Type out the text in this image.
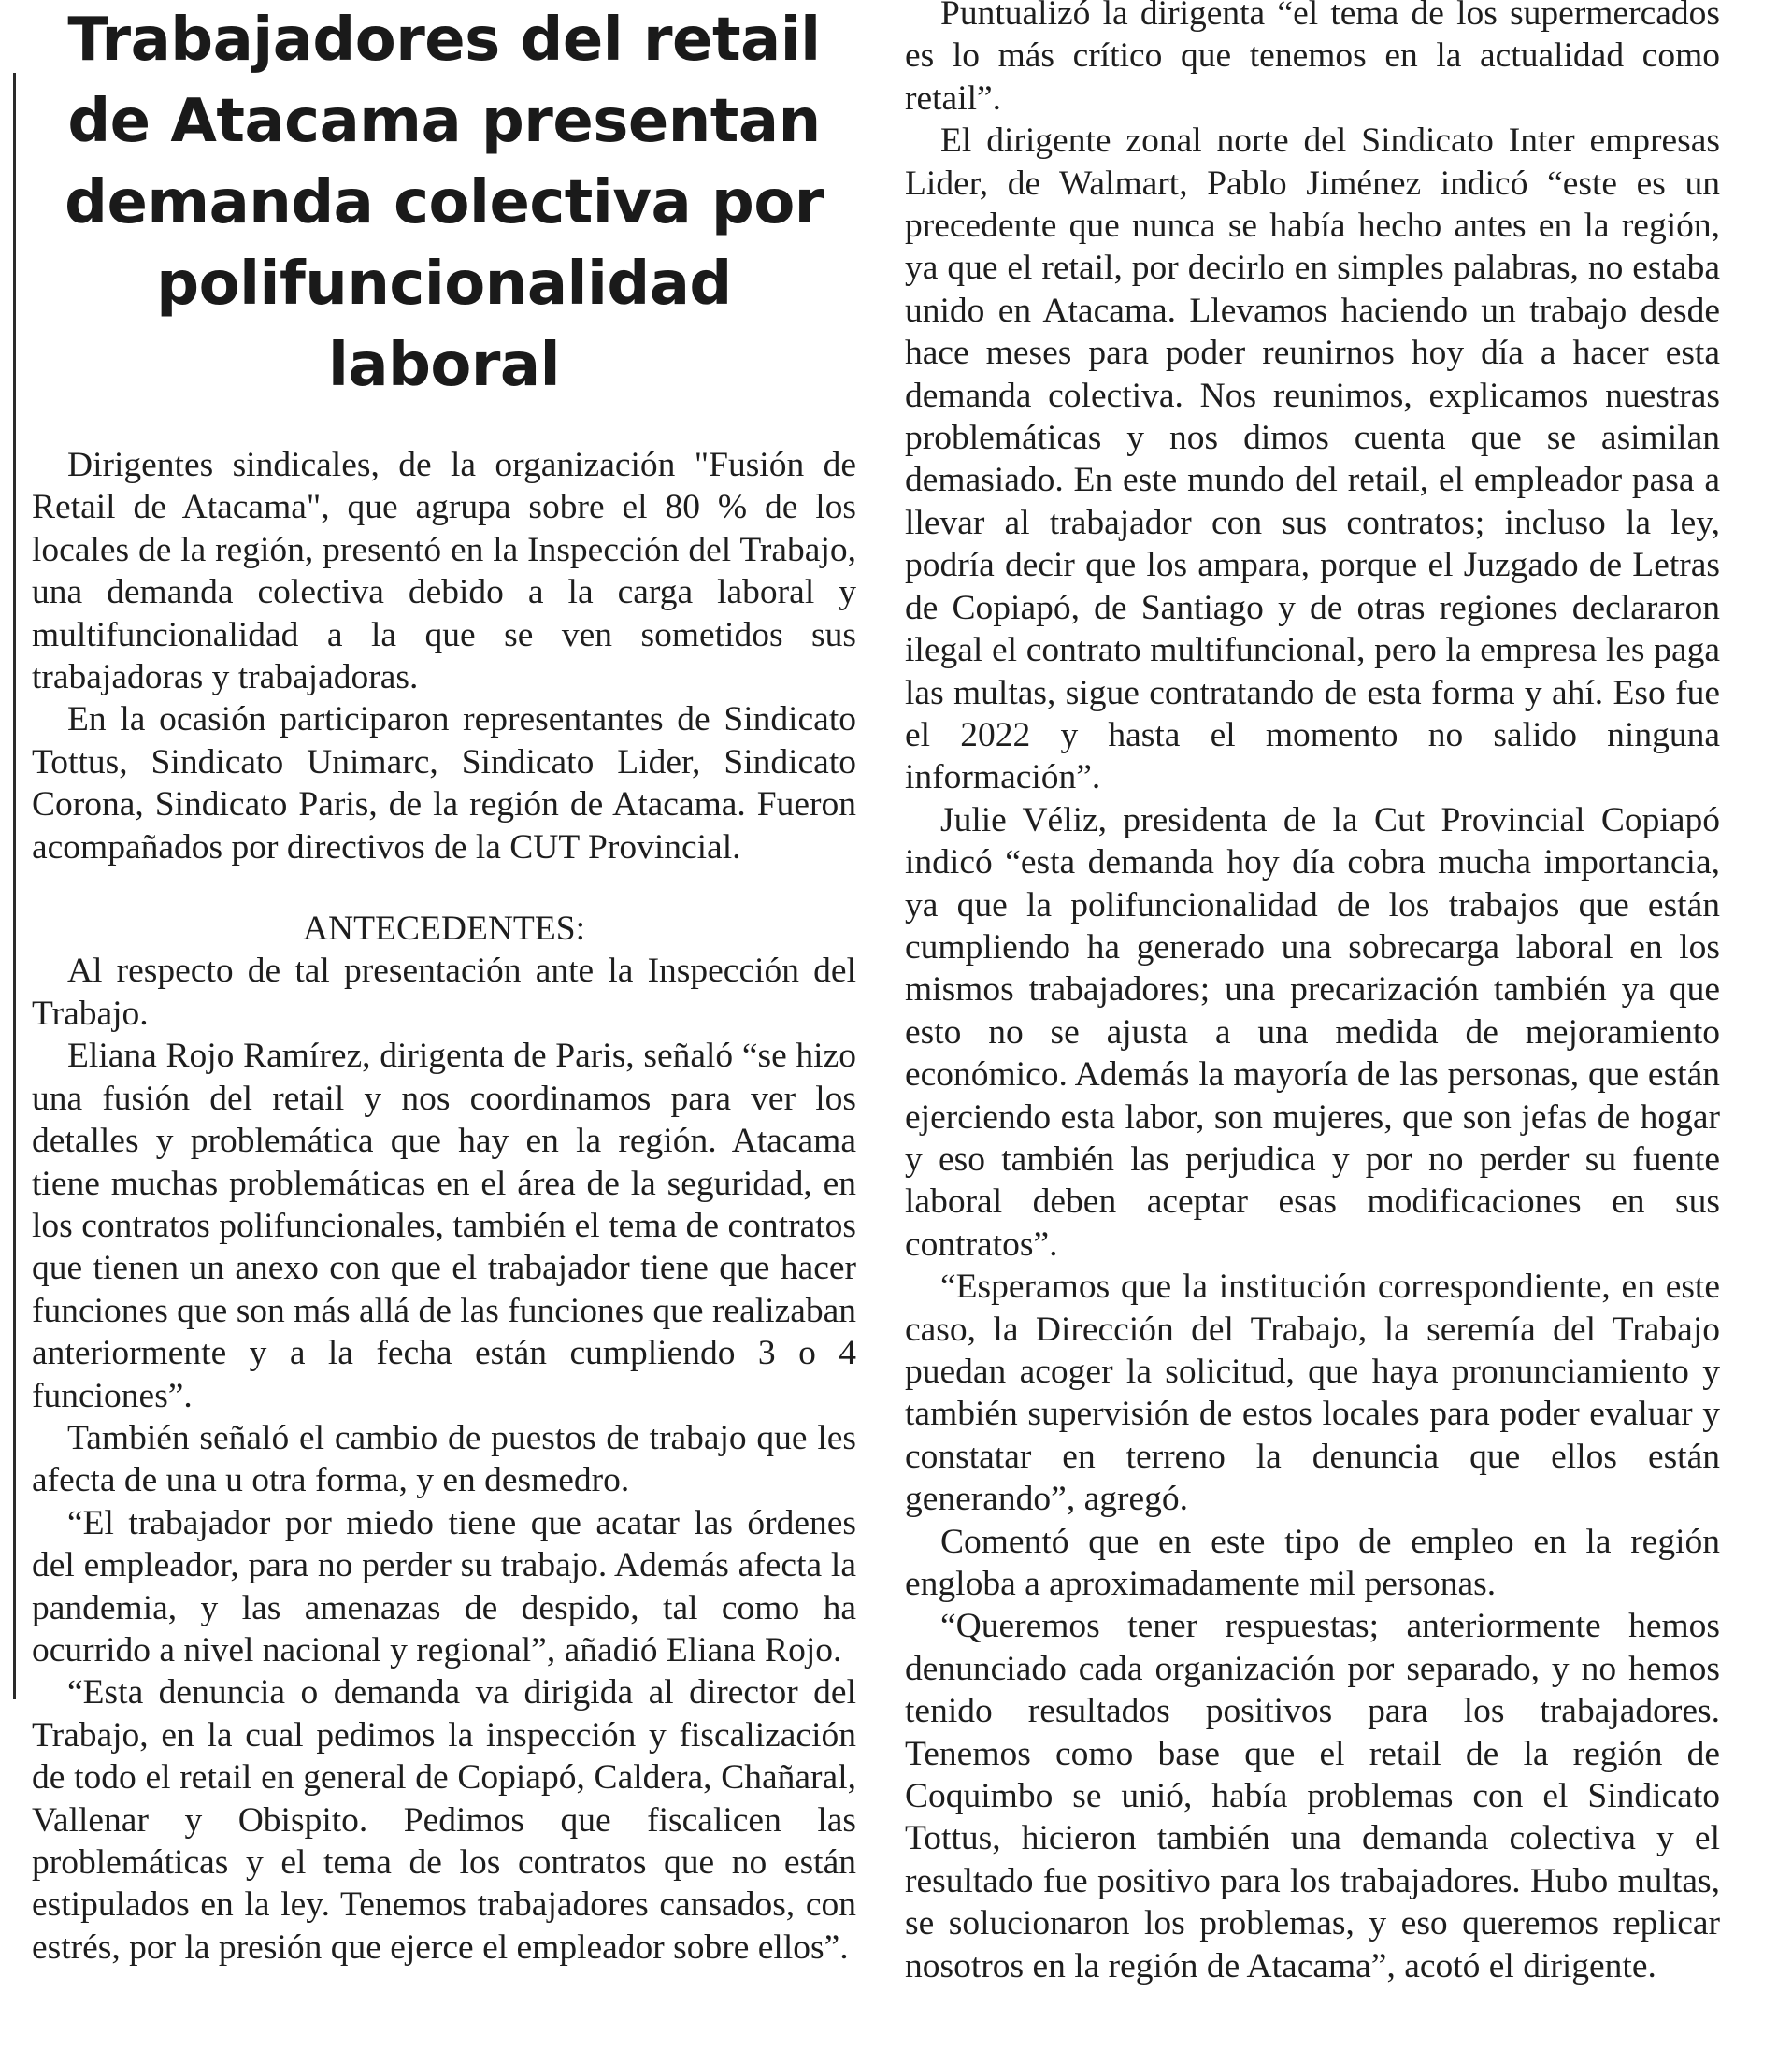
Trabajadores del retail de Atacama presentan demanda colectiva por polifuncionalidad laboral

Dirigentes sindicales, de la organización "Fusión de Retail de Atacama", que agrupa sobre el 80 % de los locales de la región, presentó en la Inspección del Trabajo, una demanda colectiva debido a la carga laboral y multifuncionalidad a la que se ven sometidos sus trabajadoras y trabajadoras.

En la ocasión participaron representantes de Sindicato Tottus, Sindicato Unimarc, Sindicato Lider, Sindicato Corona, Sindicato Paris, de la región de Atacama. Fueron acompañados por directivos de la CUT Provincial.

ANTECEDENTES:

Al respecto de tal presentación ante la Inspección del Trabajo.

Eliana Rojo Ramírez, dirigenta de Paris, señaló “se hizo una fusión del retail y nos coordinamos para ver los detalles y problemática que hay en la región. Atacama tiene muchas problemáticas en el área de la seguridad, en los contratos polifuncionales, también el tema de contratos que tienen un anexo con que el trabajador tiene que hacer funciones que son más allá de las funciones que realizaban anteriormente y a la fecha están cumpliendo 3 o 4 funciones”.

También señaló el cambio de puestos de trabajo que les afecta de una u otra forma, y en desmedro.

“El trabajador por miedo tiene que acatar las órdenes del empleador, para no perder su trabajo. Además afecta la pandemia, y las amenazas de despido, tal como ha ocurrido a nivel nacional y regional”, añadió Eliana Rojo.

“Esta denuncia o demanda va dirigida al director del Trabajo, en la cual pedimos la inspección y fiscalización de todo el retail en general de Copiapó, Caldera, Chañaral, Vallenar y Obispito. Pedimos que fiscalicen las problemáticas y el tema de los contratos que no están estipulados en la ley. Tenemos trabajadores cansados, con estrés, por la presión que ejerce el empleador sobre ellos”.

Puntualizó la dirigenta “el tema de los supermercados es lo más crítico que tenemos en la actualidad como retail”.

El dirigente zonal norte del Sindicato Inter empresas Lider, de Walmart, Pablo Jiménez indicó “este es un precedente que nunca se había hecho antes en la región, ya que el retail, por decirlo en simples palabras, no estaba unido en Atacama. Llevamos haciendo un trabajo desde hace meses para poder reunirnos hoy día a hacer esta demanda colectiva. Nos reunimos, explicamos nuestras problemáticas y nos dimos cuenta que se asimilan demasiado. En este mundo del retail, el empleador pasa a llevar al trabajador con sus contratos; incluso la ley, podría decir que los ampara, porque el Juzgado de Letras de Copiapó, de Santiago y de otras regiones declararon ilegal el contrato multifuncional, pero la empresa les paga las multas, sigue contratando de esta forma y ahí. Eso fue el 2022 y hasta el momento no salido ninguna información”.

Julie Véliz, presidenta de la Cut Provincial Copiapó indicó “esta demanda hoy día cobra mucha importancia, ya que la polifuncionalidad de los trabajos que están cumpliendo ha generado una sobrecarga laboral en los mismos trabajadores; una precarización también ya que esto no se ajusta a una medida de mejoramiento económico. Además la mayoría de las personas, que están ejerciendo esta labor, son mujeres, que son jefas de hogar y eso también las perjudica y por no perder su fuente laboral deben aceptar esas modificaciones en sus contratos”.

“Esperamos que la institución correspondiente, en este caso, la Dirección del Trabajo, la seremía del Trabajo puedan acoger la solicitud, que haya pronunciamiento y también supervisión de estos locales para poder evaluar y constatar en terreno la denuncia que ellos están generando”, agregó.

Comentó que en este tipo de empleo en la región engloba a aproximadamente mil personas.

“Queremos tener respuestas; anteriormente hemos denunciado cada organización por separado, y no hemos tenido resultados positivos para los trabajadores. Tenemos como base que el retail de la región de Coquimbo se unió, había problemas con el Sindicato Tottus, hicieron también una demanda colectiva y el resultado fue positivo para los trabajadores. Hubo multas, se solucionaron los problemas, y eso queremos replicar nosotros en la región de Atacama”, acotó el dirigente.
